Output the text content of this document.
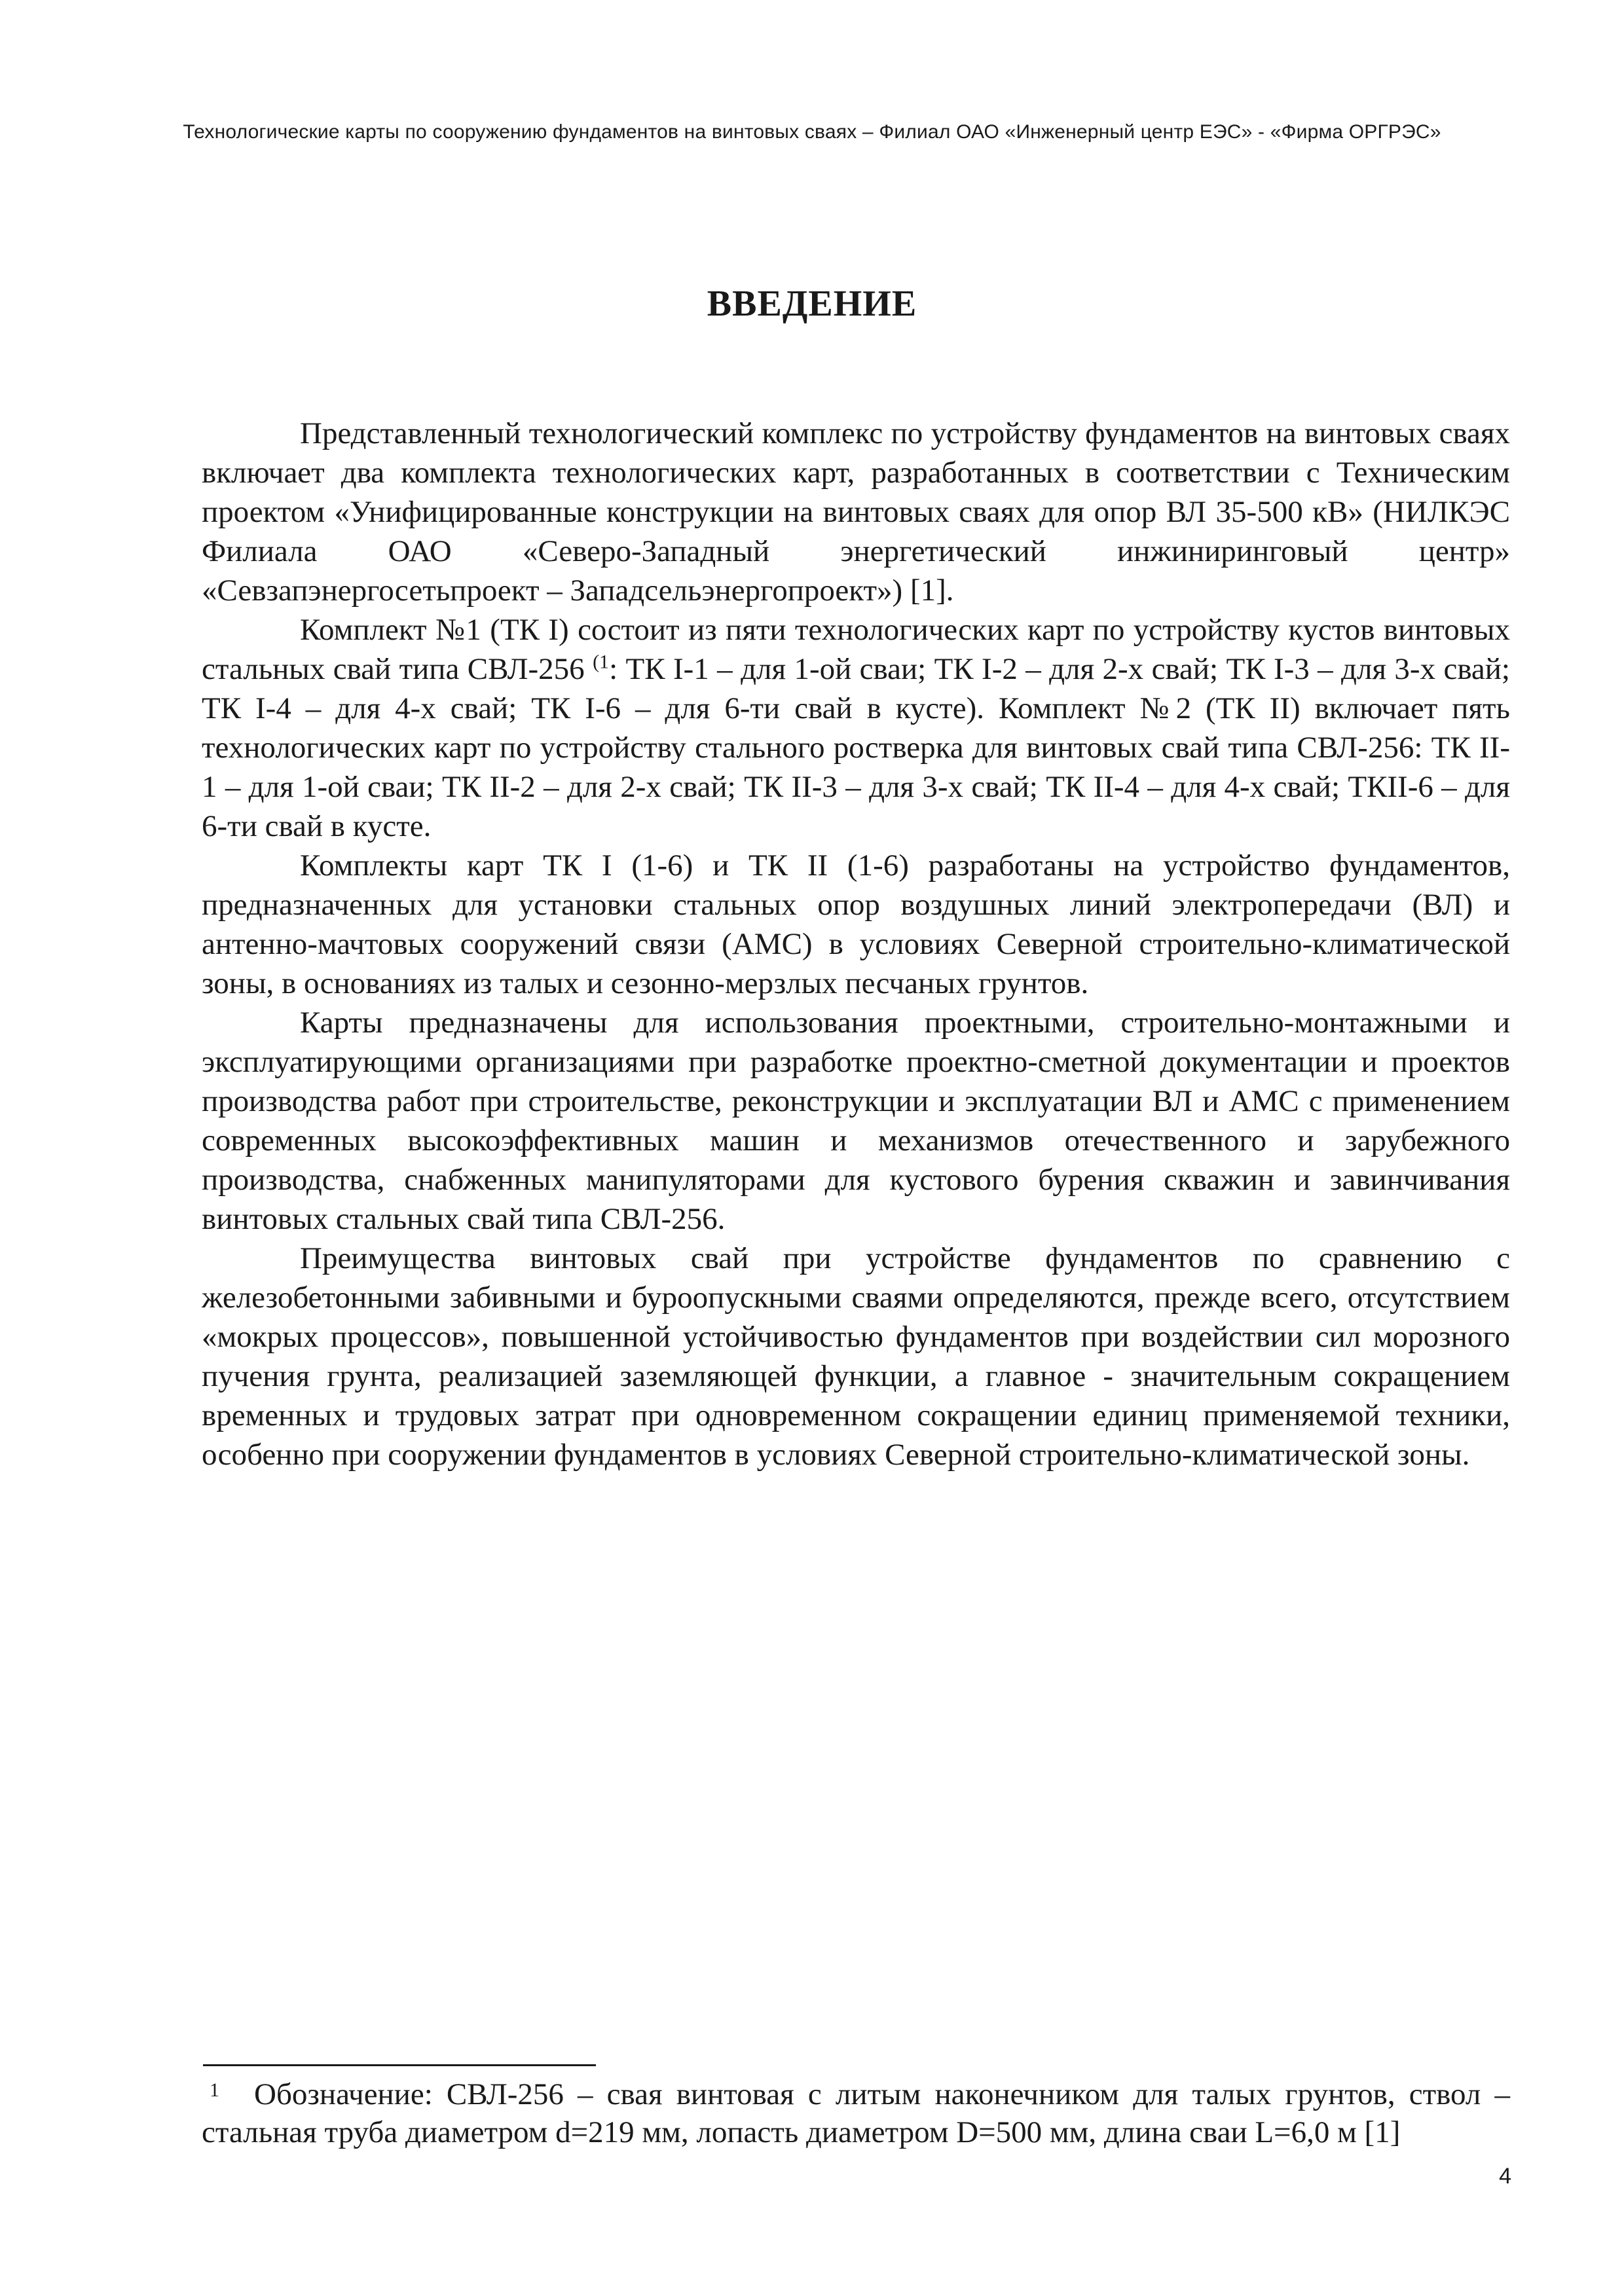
Технологические карты по сооружению фундаментов на винтовых сваях – Филиал ОАО «Инженерный центр ЕЭС» - «Фирма ОРГРЭС»
ВВЕДЕНИЕ

Представленный технологический комплекс по устройству фундаментов на винтовых сваях включает два комплекта технологических карт, разработанных в соответствии с Техническим проектом «Унифицированные конструкции на винтовых сваях для опор ВЛ 35-500 кВ» (НИЛКЭС Филиала ОАО «Северо-Западный энергетический инжиниринговый центр» «Севзапэнергосетьпроект – Западсельэнергопроект») [1].

Комплект №1 (ТК I) состоит из пяти технологических карт по устройству кустов винтовых стальных свай типа СВЛ-256 $^{(1}$: ТК I-1 – для 1-ой сваи; ТК I-2 – для 2-х свай; ТК I-3 – для 3-х свай; ТК I-4 – для 4-х свай; ТК I-6 – для 6-ти свай в кусте). Комплект №2 (ТК II) включает пять технологических карт по устройству стального ростверка для винтовых свай типа СВЛ-256: ТК II-1 – для 1-ой сваи; ТК II-2 – для 2-х свай; ТК II-3 – для 3-х свай; ТК II-4 – для 4-х свай; ТКII-6 – для 6-ти свай в кусте.

Комплекты карт ТК I (1-6) и ТК II (1-6) разработаны на устройство фундаментов, предназначенных для установки стальных опор воздушных линий электропередачи (ВЛ) и антенно-мачтовых сооружений связи (АМС) в условиях Северной строительно-климатической зоны, в основаниях из талых и сезонно-мерзлых песчаных грунтов.

Карты предназначены для использования проектными, строительно-монтажными и эксплуатирующими организациями при разработке проектно-сметной документации и проектов производства работ при строительстве, реконструкции и эксплуатации ВЛ и АМС с применением современных высокоэффективных машин и механизмов отечественного и зарубежного производства, снабженных манипуляторами для кустового бурения скважин и завинчивания винтовых стальных свай типа СВЛ-256.

Преимущества винтовых свай при устройстве фундаментов по сравнению с железобетонными забивными и буроопускными сваями определяются, прежде всего, отсутствием «мокрых процессов», повышенной устойчивостью фундаментов при воздействии сил морозного пучения грунта, реализацией заземляющей функции, а главное - значительным сокращением временных и трудовых затрат при одновременном сокращении единиц применяемой техники, особенно при сооружении фундаментов в условиях Северной строительно-климатической зоны.

1	Обозначение: СВЛ-256 – свая винтовая с литым наконечником для талых грунтов, ствол – стальная труба диаметром d=219 мм, лопасть диаметром D=500 мм, длина сваи L=6,0 м [1]

4
